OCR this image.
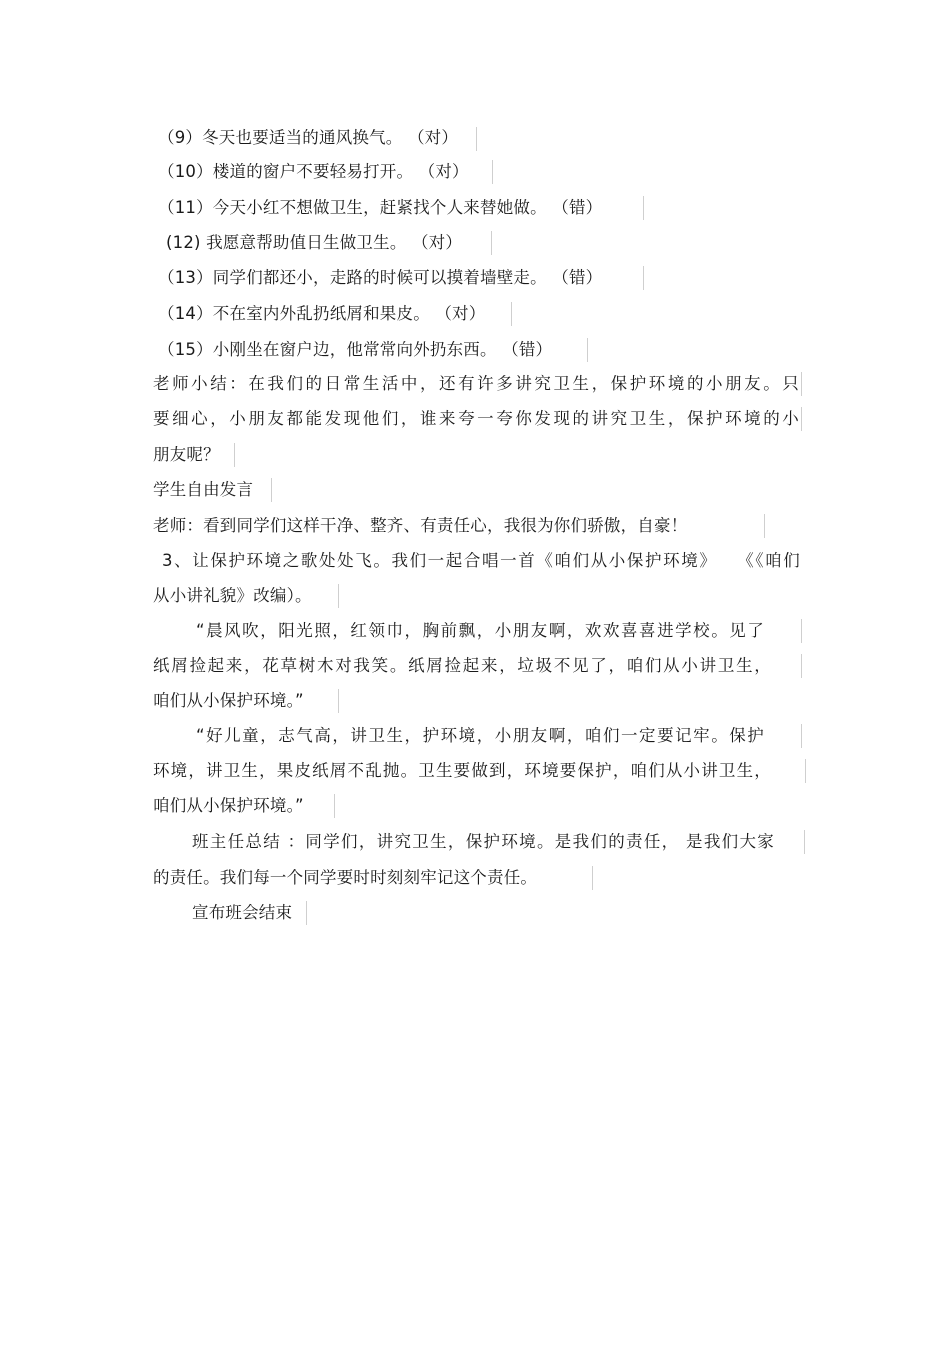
（9）冬天也要适当的通风换气。 （对）
（10）楼道的窗户不要轻易打开。 （对）
（11）今天小红不想做卫生，赶紧找个人来替她做。 （错）
(12) 我愿意帮助值日生做卫生。 （对）
（13）同学们都还小，走路的时候可以摸着墙壁走。 （错）
（14）不在室内外乱扔纸屑和果皮。 （对）
（15）小刚坐在窗户边，他常常向外扔东西。 （错）
老师小结：在我们的日常生活中，还有许多讲究卫生，保护环境的小朋友。只
要细心，小朋友都能发现他们，谁来夸一夸你发现的讲究卫生，保护环境的小
朋友呢？
学生自由发言
老师：看到同学们这样干净、整齐、有责任心，我很为你们骄傲，自豪！
3、让保护环境之歌处处飞。我们一起合唱一首《咱们从小保护环境》　　《《咱们
从小讲礼貌》改编）。
“晨风吹，阳光照，红领巾，胸前飘，小朋友啊，欢欢喜喜进学校。见了
纸屑捡起来，花草树木对我笑。纸屑捡起来，垃圾不见了，咱们从小讲卫生，
咱们从小保护环境。”
“好儿童，志气高，讲卫生，护环境，小朋友啊，咱们一定要记牢。保护
环境，讲卫生，果皮纸屑不乱抛。卫生要做到，环境要保护，咱们从小讲卫生，
咱们从小保护环境。”
班主任总结 ：同学们，讲究卫生，保护环境。是我们的责任， 是我们大家
的责任。我们每一个同学要时时刻刻牢记这个责任。
宣布班会结束
